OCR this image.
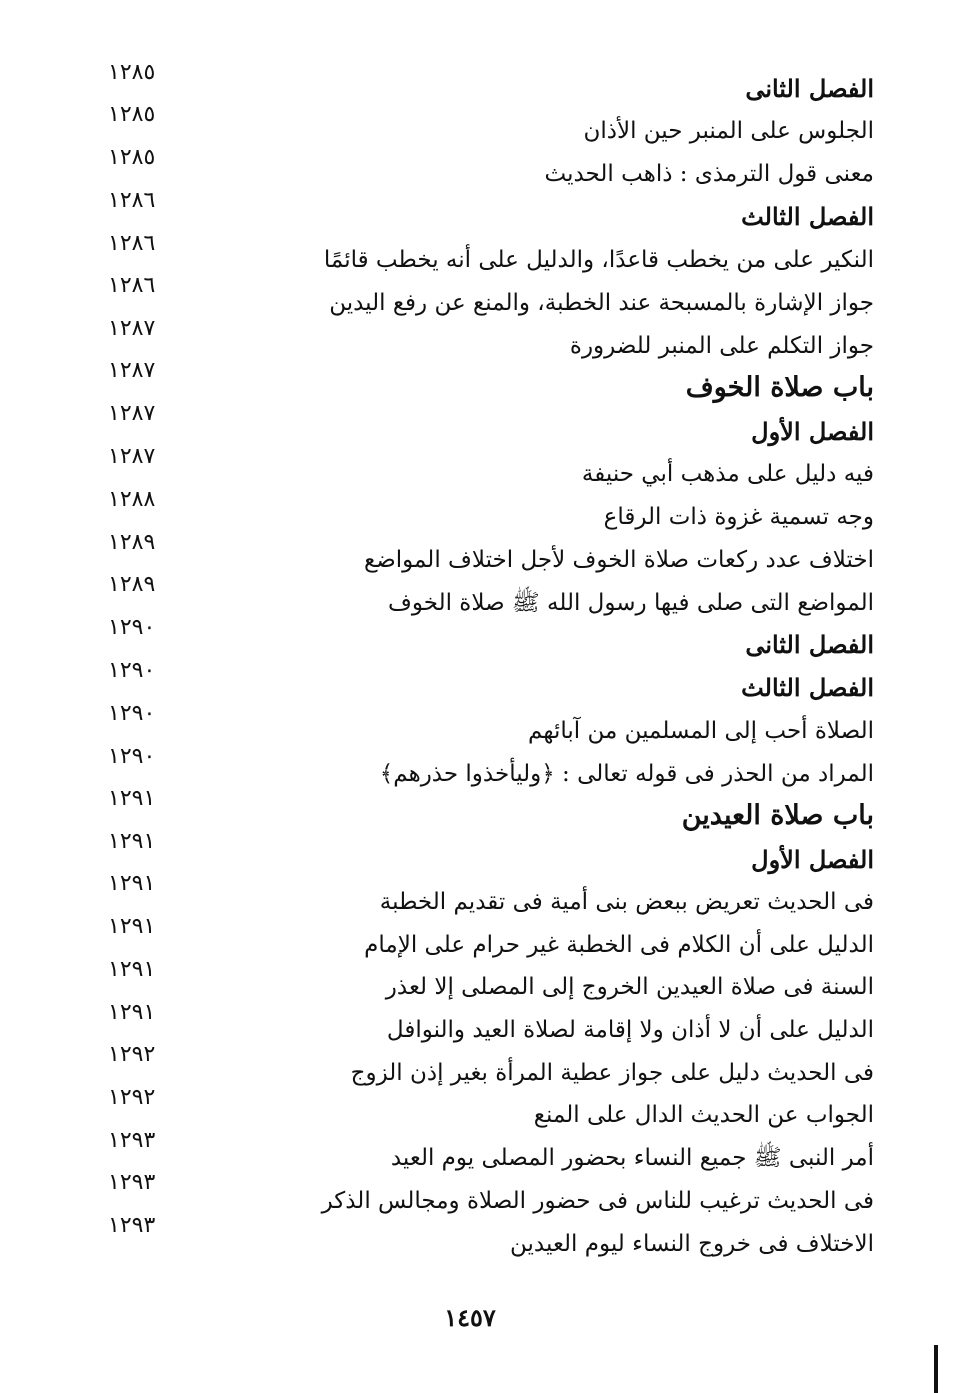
الفصل الثانى
الجلوس على المنبر حين الأذان
معنى قول الترمذى : ذاهب الحديث
الفصل الثالث
النكير على من يخطب قاعدًا، والدليل على أنه يخطب قائمًا
جواز الإشارة بالمسبحة عند الخطبة، والمنع عن رفع اليدين
جواز التكلم على المنبر للضرورة
باب صلاة الخوف
الفصل الأول
فيه دليل على مذهب أبي حنيفة
وجه تسمية غزوة ذات الرقاع
اختلاف عدد ركعات صلاة الخوف لأجل اختلاف المواضع
المواضع التى صلى فيها رسول الله ﷺ صلاة الخوف
الفصل الثانى
الفصل الثالث
الصلاة أحب إلى المسلمين من آبائهم
المراد من الحذر فى قوله تعالى : ﴿وليأخذوا حذرهم﴾
باب صلاة العيدين
الفصل الأول
فى الحديث تعريض ببعض بنى أمية فى تقديم الخطبة
الدليل على أن الكلام فى الخطبة غير حرام على الإمام
السنة فى صلاة العيدين الخروج إلى المصلى إلا لعذر
الدليل على أن لا أذان ولا إقامة لصلاة العيد والنوافل
فى الحديث دليل على جواز عطية المرأة بغير إذن الزوج
الجواب عن الحديث الدال على المنع
أمر النبى ﷺ جميع النساء بحضور المصلى يوم العيد
فى الحديث ترغيب للناس فى حضور الصلاة ومجالس الذكر
الاختلاف فى خروج النساء ليوم العيدين
١٢٨٥
١٢٨٥
١٢٨٥
١٢٨٦
١٢٨٦
١٢٨٦
١٢٨٧
١٢٨٧
١٢٨٧
١٢٨٧
١٢٨٨
١٢٨٩
١٢٨٩
١٢٩٠
١٢٩٠
١٢٩٠
١٢٩٠
١٢٩١
١٢٩١
١٢٩١
١٢٩١
١٢٩١
١٢٩١
١٢٩٢
١٢٩٢
١٢٩٣
١٢٩٣
١٢٩٣
١٤٥٧
